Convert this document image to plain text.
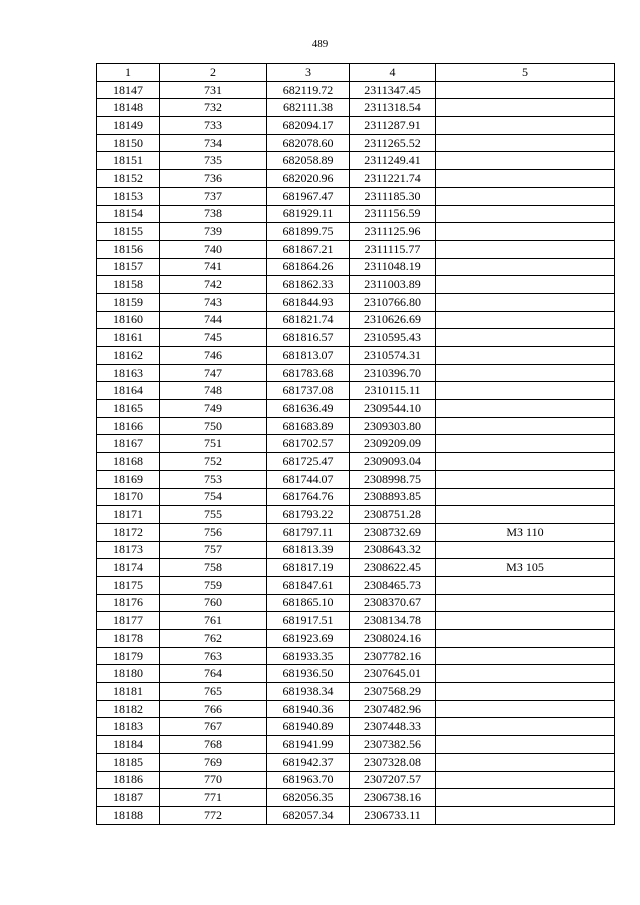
489
1	2	3	4	5
18147	731	682119.72	2311347.45	
18148	732	682111.38	2311318.54	
18149	733	682094.17	2311287.91	
18150	734	682078.60	2311265.52	
18151	735	682058.89	2311249.41	
18152	736	682020.96	2311221.74	
18153	737	681967.47	2311185.30	
18154	738	681929.11	2311156.59	
18155	739	681899.75	2311125.96	
18156	740	681867.21	2311115.77	
18157	741	681864.26	2311048.19	
18158	742	681862.33	2311003.89	
18159	743	681844.93	2310766.80	
18160	744	681821.74	2310626.69	
18161	745	681816.57	2310595.43	
18162	746	681813.07	2310574.31	
18163	747	681783.68	2310396.70	
18164	748	681737.08	2310115.11	
18165	749	681636.49	2309544.10	
18166	750	681683.89	2309303.80	
18167	751	681702.57	2309209.09	
18168	752	681725.47	2309093.04	
18169	753	681744.07	2308998.75	
18170	754	681764.76	2308893.85	
18171	755	681793.22	2308751.28	
18172	756	681797.11	2308732.69	МЗ 110
18173	757	681813.39	2308643.32	
18174	758	681817.19	2308622.45	МЗ 105
18175	759	681847.61	2308465.73	
18176	760	681865.10	2308370.67	
18177	761	681917.51	2308134.78	
18178	762	681923.69	2308024.16	
18179	763	681933.35	2307782.16	
18180	764	681936.50	2307645.01	
18181	765	681938.34	2307568.29	
18182	766	681940.36	2307482.96	
18183	767	681940.89	2307448.33	
18184	768	681941.99	2307382.56	
18185	769	681942.37	2307328.08	
18186	770	681963.70	2307207.57	
18187	771	682056.35	2306738.16	
18188	772	682057.34	2306733.11	
